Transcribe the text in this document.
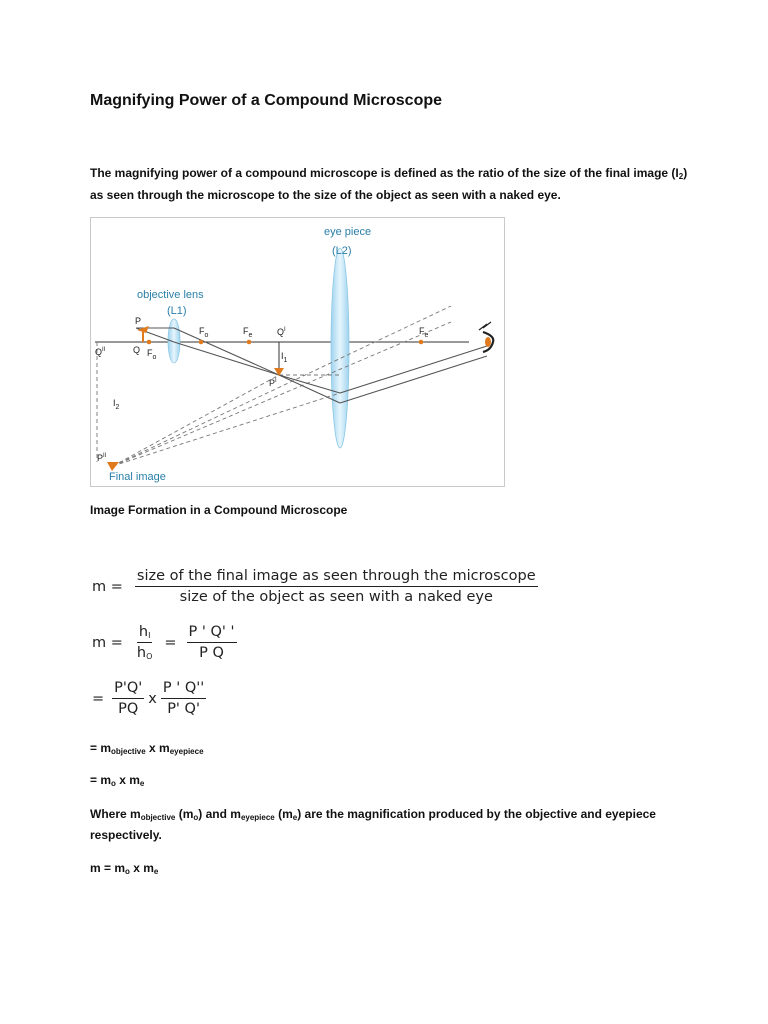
Magnifying Power of a Compound Microscope
The magnifying power of a compound microscope is defined as the ratio of the size of the final image $(I_2)$
as seen through the microscope to the size of the object as seen with a naked eye.
eye piece
(L2)
objective lens
(L1)
Final image
P
Q $F_o$
$F_o$	$F_e$	$F_e$
$Q^I$
$P^I$
$Q^{II}$
$P^{II}$
$I_1$
$I_2$
Image Formation in a Compound Microscope
$m = \frac{\text{size of the final image as seen through the microscope}}{\text{size of the object as seen with a naked eye}}$
$m = \frac{h_I}{h_O} = \frac{P ' Q' '}{\text{P Q}}$
= $\frac{P'Q'}{PQ}$ x $\frac{P ' Q''}{P' Q'}$
= $m_{objective}$ x $m_{eyepiece}$
= $m_o$ x $m_e$
Where $m_{objective}$ $(m_o)$ and $m_{eyepiece}$ $(m_e)$ are the magnification produced by the objective and eyepiece
respectively.
$m = m_o$ x $m_e$
